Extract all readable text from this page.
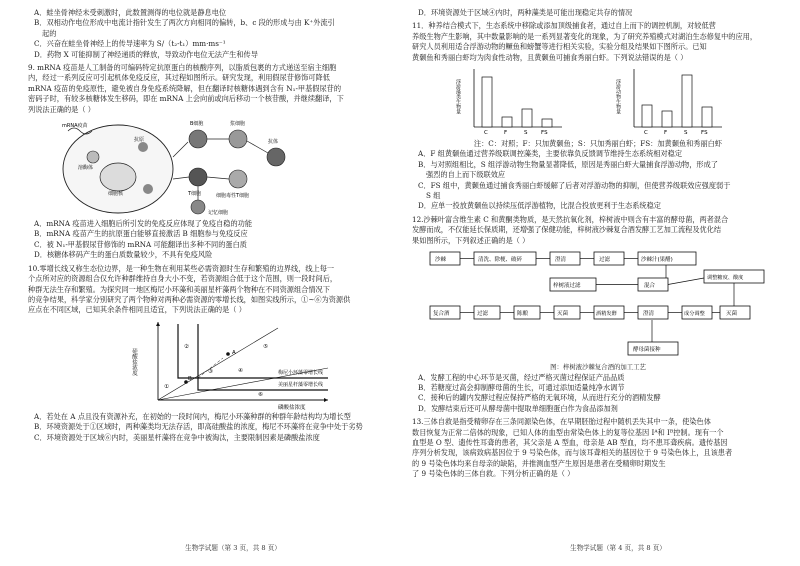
A．蛙坐骨神经未受刺激时，此数置测得的电位就是静息电位

B．双相动作电位形成中电流计指针发生了两次方向相同的偏转，b、c 段的形成与由 K⁺外流引

起的

C．兴奋在蛙坐骨神经上的传导速率为 S/（t₂-t₁）mm·ms⁻¹

D．药物 X 可能抑制了神经递质的释放，导致动作电位无法产生和传导

9. mRNA 疫苗是人工制备的可编码特定抗原蛋白的核酸序列，以脂质包裹的方式递送至宿主细胞

内，经过一系列反应可引起机体免疫反应，其过程如图所示。研究发现，利用假尿苷修饰可降低

mRNA 疫苗的免疫原性，避免被自身免疫系统降解，但在翻译时核糖体遇到含有 N₁-甲基假尿苷的

密码子时，有较多核糖体发生移码，即在 mRNA 上会向前或向后移动一个核苷酸，并继续翻译，下

列说法正确的是（ ）

mRNA疫苗
抗原
溶酶体
细胞核
B细胞
T细胞
浆细胞
抗体
细胞毒性T细胞
记忆细胞

A．mRNA 疫苗进入细胞后所引发的免疫反应体现了免疫自稳的功能

B．mRNA 疫苗产生的抗原蛋白能够直接激活 B 细胞参与免疫反应

C．被 N₁-甲基假尿苷修饰的 mRNA 可能翻译出多种不同的蛋白质

D．核糖体移码产生的蛋白质数量较少，不具有免疫风险

10.零增长线又称生态位边界，是一种生物在利用某些必需资源时生存和繁殖的边界线，线上每一

个点所对应的资源组合仅允许种群维持自身大小不变，若资源组合低于这个范围，则一段时间后，

种群无法生存和繁殖。为探究同一地区梅尼小环藻和美丽星杆藻两个物种在不同资源组合情况下

的竞争结果，科学家分别研究了两个物种对两种必需资源的零增长线，如图实线所示，①~⑥为资源供

应点在不同区域，已知其余条件相同且适宜，下列说法正确的是（ ）

硅酸盐浓度
磷酸盐浓度
梅尼小环藻零增长线
美丽星杆藻零增长线
A
B
①
②
③	④
⑤
⑥

A．若处在 A 点且没有资源补充，在初始的一段时间内，梅尼小环藻种群的种群年龄结构均为增长型

B．环境资源处于①区域时，两种藻类均无法存活，即高硅酸盐的浓度，梅尼不环藻将在竞争中处于劣势

C．环境资源处于区域⑥内时，美丽星杆藻将在竞争中被淘汰，主要限制因素是磷酸盐浓度

生物学试题（第 3 页，共 8 页）

D．环境资源处于区域④内时，两种藻类是可能出现稳定共存的情况

11．种养结合模式下，生态系统中移除或添加顶级捕食者，通过自上而下的调控机制，对较低营

养级生物产生影响，其中数量影响的是一系列显著变化的现象，为了研究养殖模式对湖泊生态修复中的应用，

研究人员利用适合浮游动物的鳜鱼和螃蟹等进行相关实验，实验分组及结果如下图所示。已知

黄颡鱼和秀丽白虾均为肉食性动物，且黄颡鱼可捕食秀丽白虾。下列说法错误的是（ ）

C	F	S FS
浮游藻类生物量
C	F	S FS
浮游动物生物量

注：C：对照；F：只加黄颡鱼；S：只加秀丽白虾；FS：加黄颡鱼和秀丽白虾

A．F 组黄颡鱼通过营养级联调控藻类，主要依靠负反馈调节维持生态系统相对稳定

B．与对照组相比，S 组浮游动物生物量显著降低，原因是秀丽白虾大量捕食浮游动物，形成了

强烈的自上而下级联效应

C．FS 组中，黄颡鱼通过捕食秀丽白虾缓解了后者对浮游动物的抑制，但使营养级联效应强度弱于

S 组

D．应单一投放黄颡鱼以持续压低浮游植物，比混合投放更利于生态系统稳定

12.沙棘叶富含维生素 C 和黄酮类物质，是天然抗氧化剂，梓树液中则含有丰富的酵母菌，两者混合

发酵而成，不仅能延长保质期，还增强了保健功能，梓树液沙棘复合酒发酵工艺加工流程及优化结

果如图所示，下列叙述正确的是（ ）

沙棘	清洗、除梗、破碎	澄清	过滤	沙棘汁(果醋)
梓树液过滤	混合
调整糖度、酸度
灭菌
酵母菌接种
复合酒	过滤	陈酿	灭菌	酒精发酵	澄清	成分调整

图：梓树液沙棘复合酒的加工工艺

A．发酵工程的中心环节是灭菌，经过严格灭菌过程保证产品品质

B．若糖度过高会抑制酵母菌的生长，可通过添加适量纯净水调节

C．接种后的罐内发酵过程应保持严格的无氧环境，从而进行充分的酒精发酵

D．发酵结束后还可从酵母菌中提取单细胞蛋白作为食品添加剂

13.三体自救是指受精卵存在三条同源染色体，在早期胚胎过程中随机丢失其中一条，使染色体

数目恢复为正常二倍体的现象，已知人体的血型由常染色体上的复等位基因 Iᴬ和 Iᴮ控制。现有一个

血型是 O 型、遗传性耳聋的患者，其父亲是 A 型血，母亲是 AB 型血，均不患耳聋疾病。遗传基因

序列分析发现，该病致病基因位于 9 号染色体，而与该耳聋相关的基因位于 9 号染色体上，且该患者

的 9 号染色体均来自母亲的缺陷，并推测血型产生原因是患者在受精卵时期发生

了 9 号染色体的三体自救。下列分析正确的是（ ）

生物学试题（第 4 页，共 8 页）
